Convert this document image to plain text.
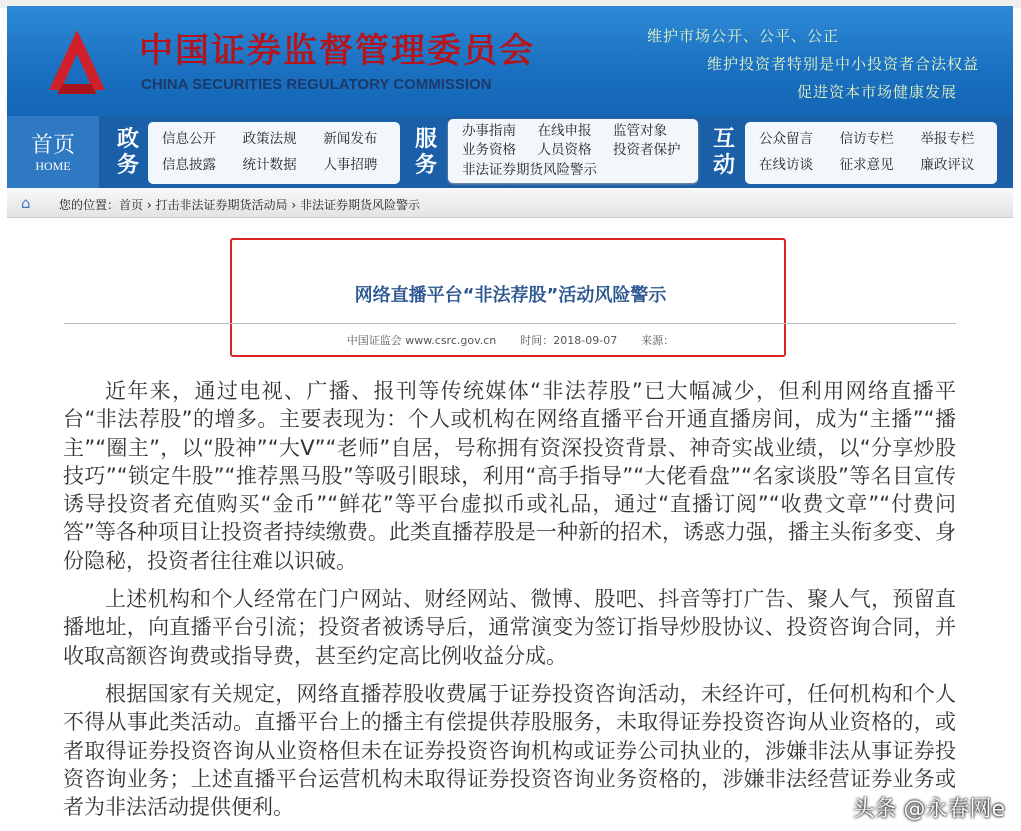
中国证券监督管理委员会
CHINA SECURITIES REGULATORY COMMISSION
维护市场公开、公平、公正
维护投资者特别是中小投资者合法权益
促进资本市场健康发展
首页
HOME
政务
信息公开	政策法规	新闻发布
信息披露	统计数据	人事招聘
服务
办事指南 在线申报 监管对象
业务资格 人员资格 投资者保护
非法证券期货风险警示
互动
公众留言	信访专栏	举报专栏
在线访谈	征求意见	廉政评议
⌂ 您的位置：首页 › 打击非法证券期货活动局 › 非法证券期货风险警示
网络直播平台“非法荐股”活动风险警示
中国证监会 www.csrc.gov.cn 时间：2018-09-07 来源：

近年来，通过电视、广播、报刊等传统媒体“非法荐股”已大幅减少，但利用网络直播平台“非法荐股”的增多。主要表现为：个人或机构在网络直播平台开通直播房间，成为“主播”“播主”“圈主”，以“股神”“大V”“老师”自居，号称拥有资深投资背景、神奇实战业绩，以“分享炒股技巧”“锁定牛股”“推荐黑马股”等吸引眼球，利用“高手指导”“大佬看盘”“名家谈股”等名目宣传诱导投资者充值购买“金币”“鲜花”等平台虚拟币或礼品，通过“直播订阅”“收费文章”“付费问答”等各种项目让投资者持续缴费。此类直播荐股是一种新的招术，诱惑力强，播主头衔多变、身份隐秘，投资者往往难以识破。

上述机构和个人经常在门户网站、财经网站、微博、股吧、抖音等打广告、聚人气，预留直播地址，向直播平台引流；投资者被诱导后，通常演变为签订指导炒股协议、投资咨询合同，并收取高额咨询费或指导费，甚至约定高比例收益分成。

根据国家有关规定，网络直播荐股收费属于证券投资咨询活动，未经许可，任何机构和个人不得从事此类活动。直播平台上的播主有偿提供荐股服务，未取得证券投资咨询从业资格的，或者取得证券投资咨询从业资格但未在证券投资咨询机构或证券公司执业的，涉嫌非法从事证券投资咨询业务；上述直播平台运营机构未取得证券投资咨询业务资格的，涉嫌非法经营证券业务或者为非法活动提供便利。	头条 @永春网e
